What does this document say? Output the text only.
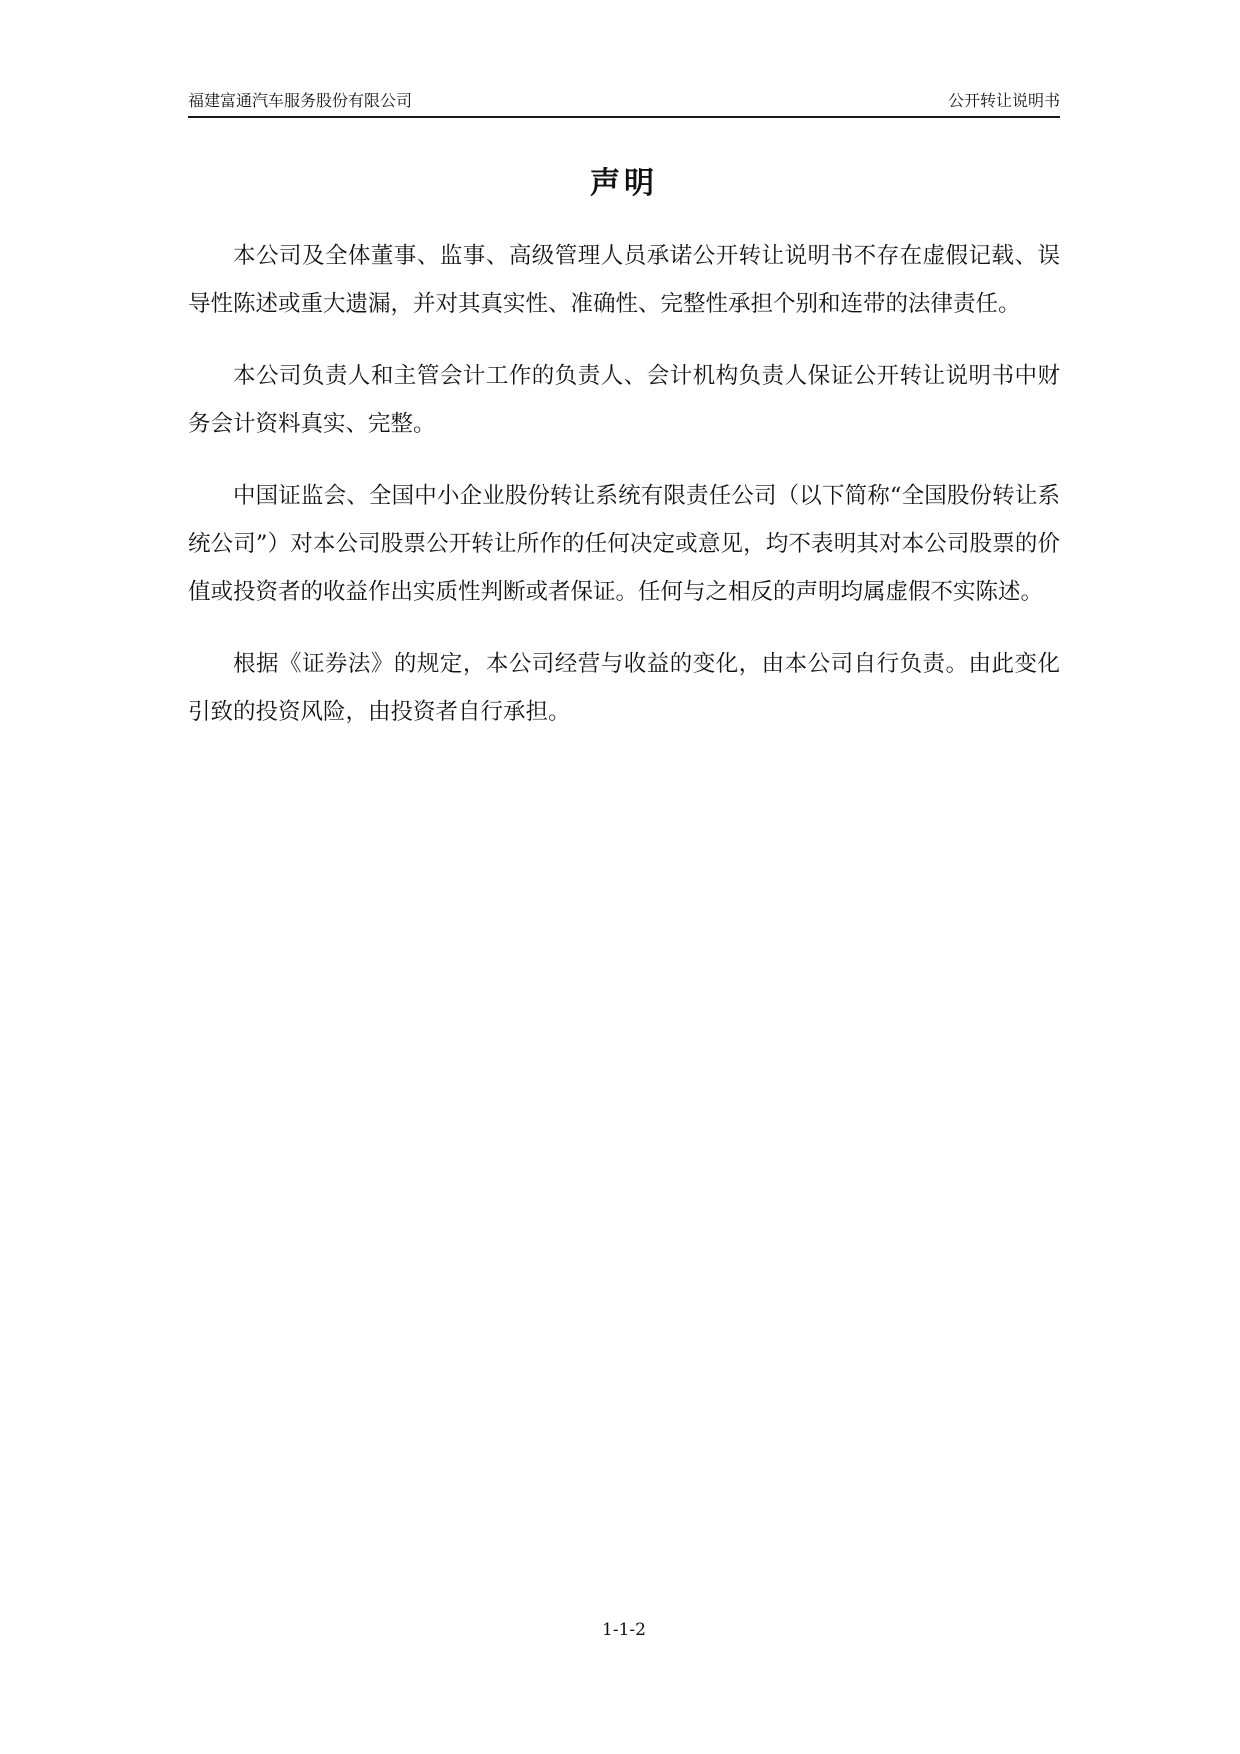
福建富通汽车服务股份有限公司	公开转让说明书
声明

本公司及全体董事、监事、高级管理人员承诺公开转让说明书不存在虚假记载、误导性陈述或重大遗漏，并对其真实性、准确性、完整性承担个别和连带的法律责任。

本公司负责人和主管会计工作的负责人、会计机构负责人保证公开转让说明书中财务会计资料真实、完整。

中国证监会、全国中小企业股份转让系统有限责任公司（以下简称“全国股份转让系统公司”）对本公司股票公开转让所作的任何决定或意见，均不表明其对本公司股票的价值或投资者的收益作出实质性判断或者保证。任何与之相反的声明均属虚假不实陈述。

根据《证券法》的规定，本公司经营与收益的变化，由本公司自行负责。由此变化引致的投资风险，由投资者自行承担。

1-1-2
